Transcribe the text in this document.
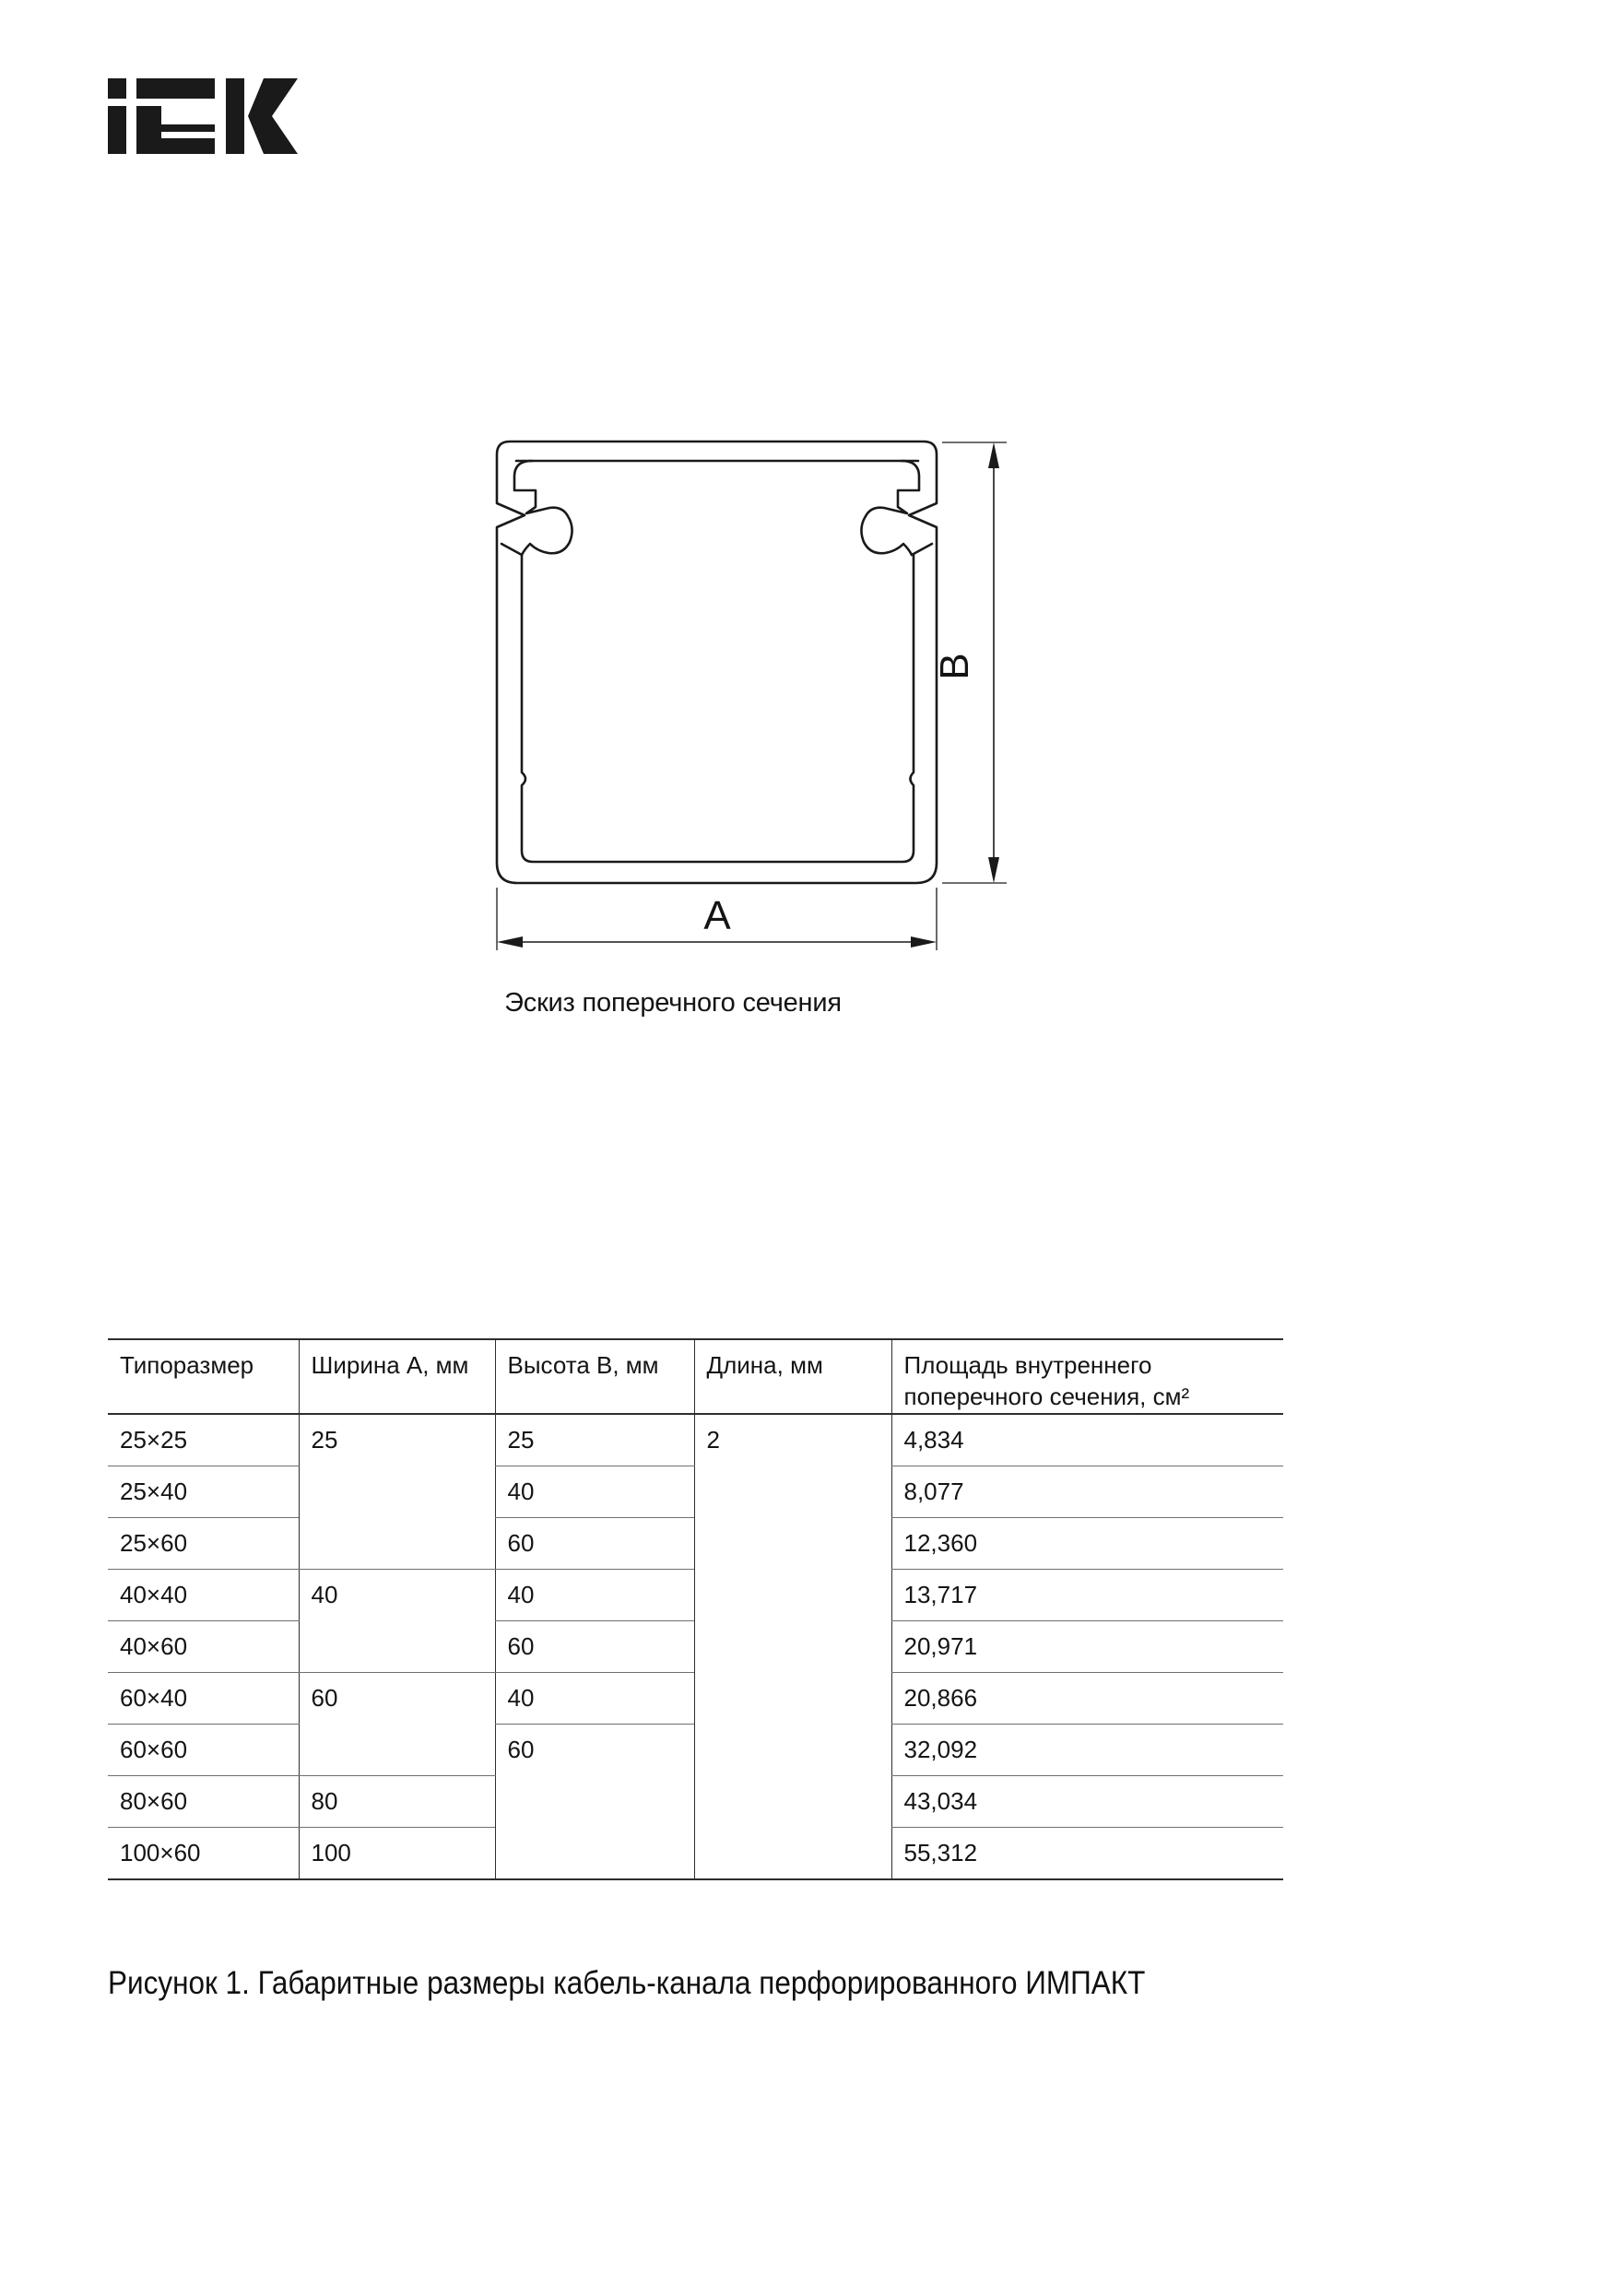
A
B
Эскиз поперечного сечения
Типоразмер	Ширина A, мм	Высота B, мм	Длина, мм	Площадь внутреннего поперечного сечения, см²
25×25	25	25	2	4,834
25×40		40		8,077
25×60		60		12,360
40×40	40	40		13,717
40×60		60		20,971
60×40	60	40		20,866
60×60		60		32,092
80×60	80			43,034
100×60	100			55,312
Рисунок 1. Габаритные размеры кабель-канала перфорированного ИМПАКТ
